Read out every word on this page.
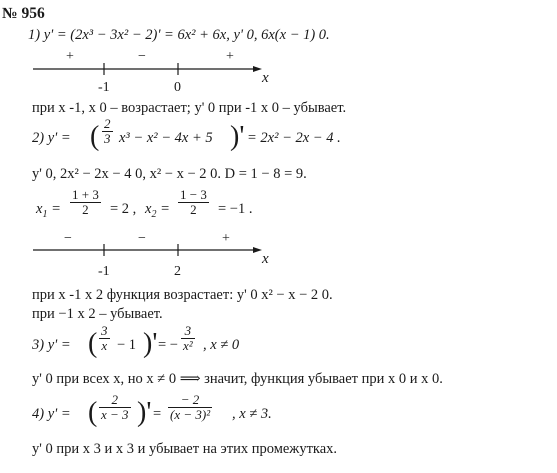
№ 956
1) y' = (2x³ − 3x² − 2)' = 6x² + 6x, y' 0, 6x(x − 1) 0.
+	−	+
x
-1	0
при x -1, x 0 – возрастает; y' 0 при -1 x 0 – убывает.
2) y' = ( $\frac{2}{3} x^3 - x^2 - 4x + 5$ )' = 2x² − 2x − 4 .
y' 0, 2x² − 2x − 4 0, x² − x − 2 0. D = 1 − 8 = 9.
$x_1 = \frac{1 + 3}{2} = 2$ , $x_2 = \frac{1 - 3}{2} = -1$ .
−	−	+
x
-1	2
при x -1 x 2 функция возрастает: y' 0 x² − x − 2 0.
при −1 x 2 – убывает.
3) y' = ( $\frac{3}{x} - 1$ )' = − $\frac{3}{\text{x²}}$ , x ≠ 0
y' 0 при всех x, но x ≠ 0 ⟹ значит, функция убывает при x 0 и x 0.
4) y' = ( $\frac{2}{x - 3}$ )' = $\frac{- 2}{\text{(x − 3)²}}$ , x ≠ 3.
y' 0 при x 3 и x 3 и убывает на этих промежутках.
